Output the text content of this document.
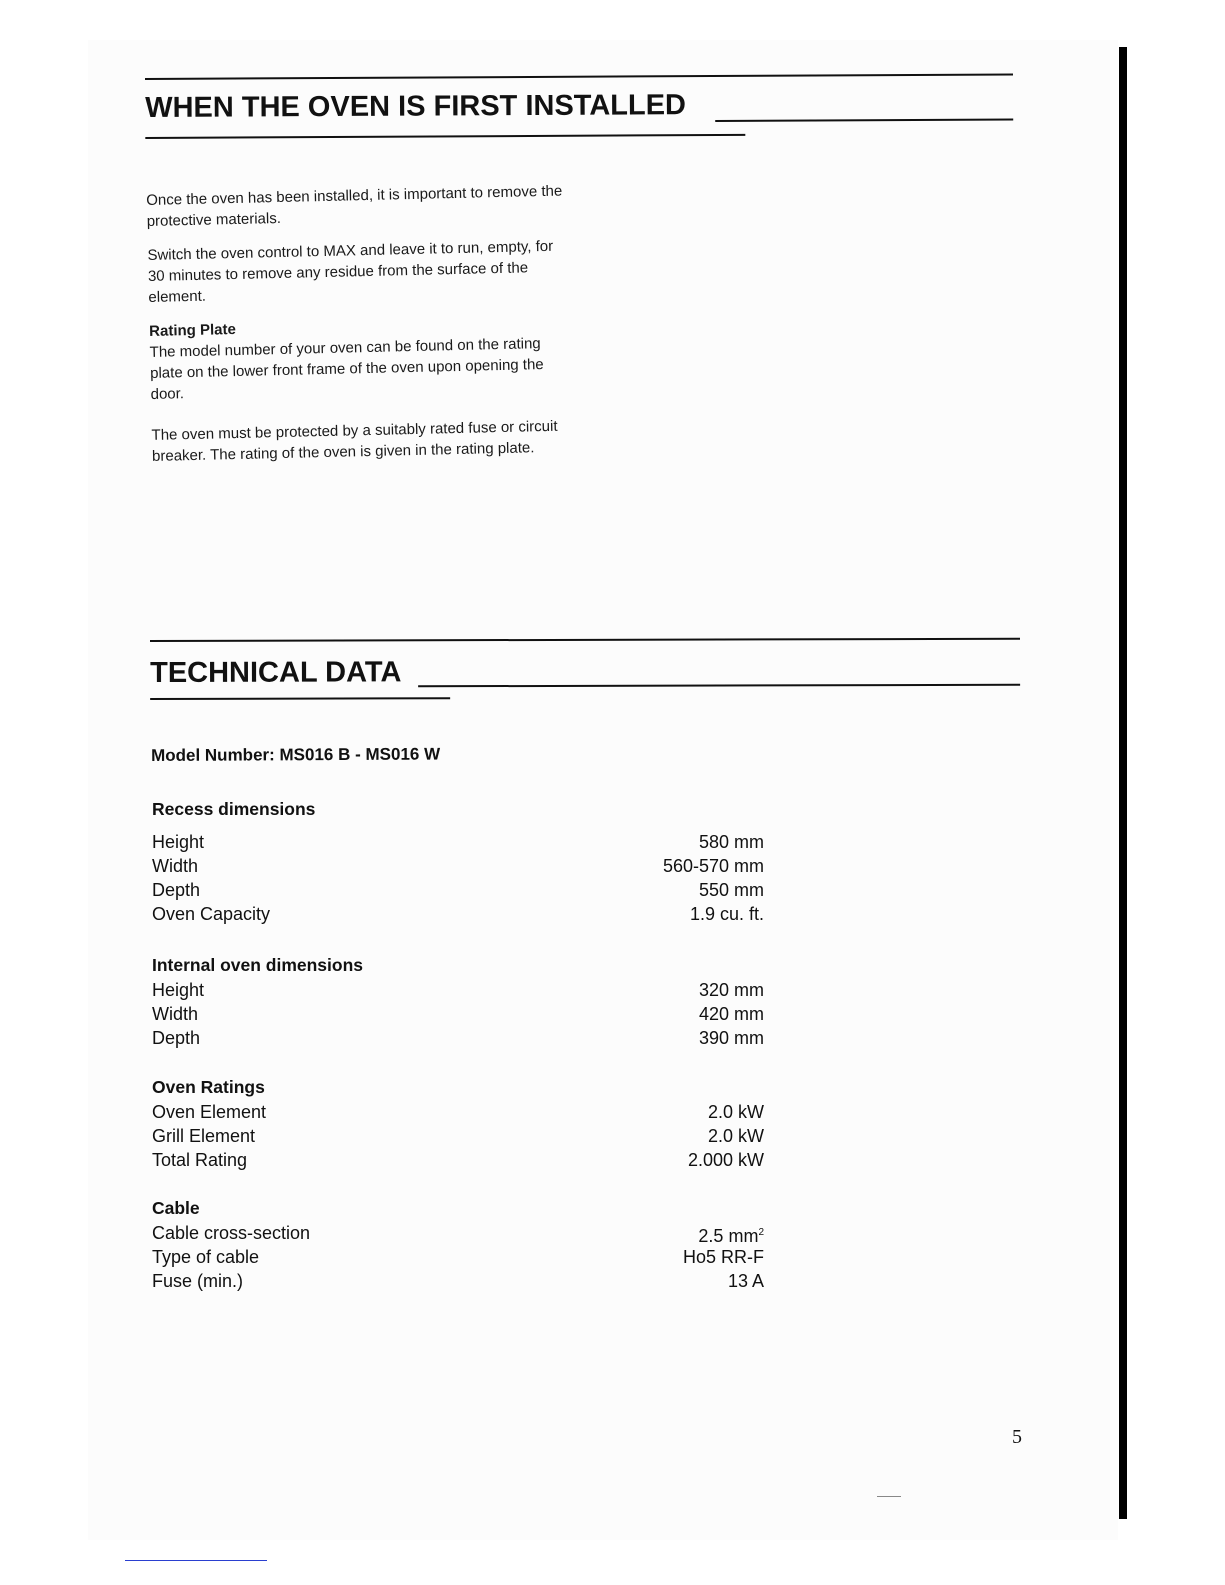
WHEN THE OVEN IS FIRST INSTALLED

Once the oven has been installed, it is important to remove the protective materials.

Switch the oven control to MAX and leave it to run, empty, for 30 minutes to remove any residue from the surface of the element.

Rating Plate

The model number of your oven can be found on the rating plate on the lower front frame of the oven upon opening the door.

The oven must be protected by a suitably rated fuse or circuit breaker. The rating of the oven is given in the rating plate.

TECHNICAL DATA
Model Number: MS016 B - MS016 W
Recess dimensions
Height	580 mm
Width	560-570 mm
Depth	550 mm
Oven Capacity	1.9 cu. ft.
Internal oven dimensions
Height	320 mm
Width	420 mm
Depth	390 mm
Oven Ratings
Oven Element	2.0 kW
Grill Element	2.0 kW
Total Rating	2.000 kW
Cable
Cable cross-section	2.5 $mm^2$
Type of cable	Ho5 RR-F
Fuse (min.)	13 A
5
